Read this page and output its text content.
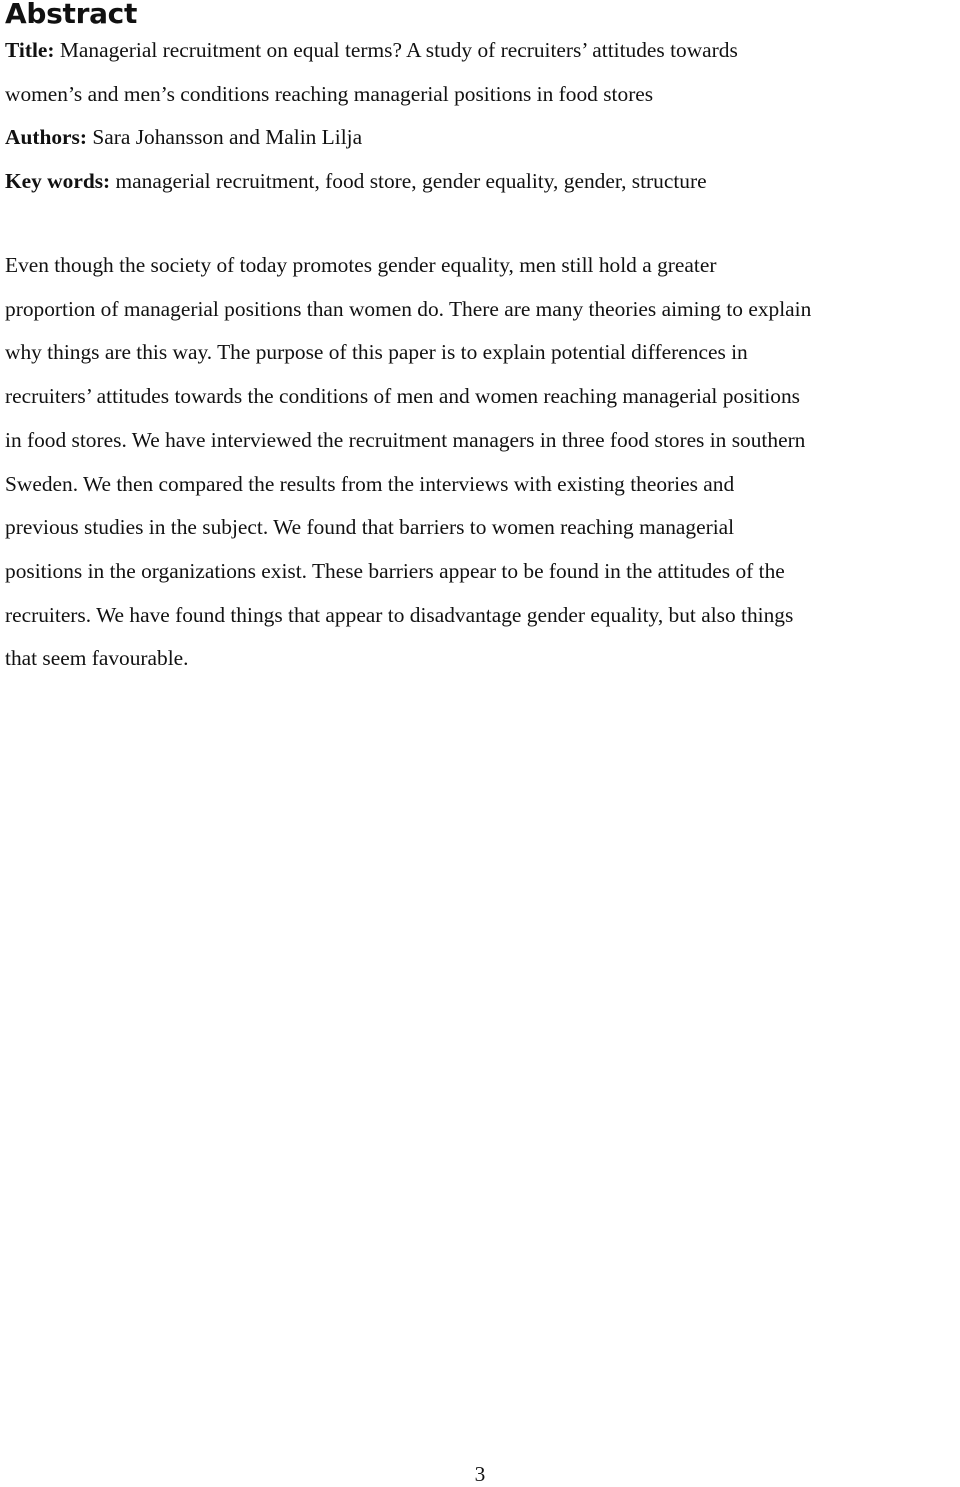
Abstract
Title: Managerial recruitment on equal terms? A study of recruiters’ attitudes towards
women’s and men’s conditions reaching managerial positions in food stores
Authors: Sara Johansson and Malin Lilja
Key words: managerial recruitment, food store, gender equality, gender, structure

Even though the society of today promotes gender equality, men still hold a greater
proportion of managerial positions than women do. There are many theories aiming to explain
why things are this way. The purpose of this paper is to explain potential differences in
recruiters’ attitudes towards the conditions of men and women reaching managerial positions
in food stores. We have interviewed the recruitment managers in three food stores in southern
Sweden. We then compared the results from the interviews with existing theories and
previous studies in the subject. We found that barriers to women reaching managerial
positions in the organizations exist. These barriers appear to be found in the attitudes of the
recruiters. We have found things that appear to disadvantage gender equality, but also things
that seem favourable.

3
